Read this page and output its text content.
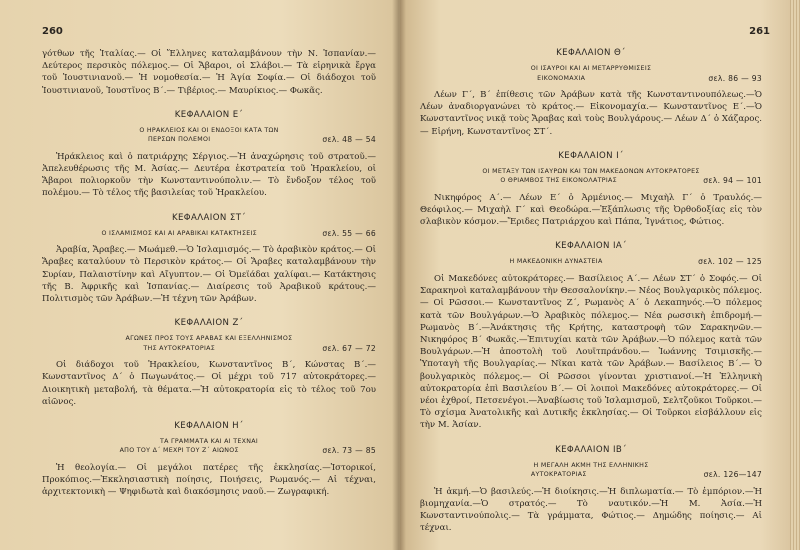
260

γότθων τῆς Ἰταλίας.— Οἱ Ἕλληνες καταλαμβάνουν τὴν Ν. Ἱσπανίαν.— Δεύτερος περσικὸς πόλεμος.— Οἱ Ἄβαροι, οἱ Σλάβοι.— Τὰ εἰρηνικὰ ἔργα τοῦ Ἰουστινιανοῦ.— Ἡ νομοθεσία.— Ἡ Ἁγία Σοφία.— Οἱ διάδοχοι τοῦ Ἰουστινιανοῦ, Ἰουστῖνος Β΄.— Τιβέριος.— Μαυρίκιος.— Φωκᾶς.

ΚΕΦΑΛΑΙΟΝ Ε΄
Ο ΗΡΑΚΛΕΙΟΣ ΚΑΙ ΟΙ ΕΝΔΟΞΟΙ ΚΑΤΑ ΤΩΝ
ΠΕΡΣΩΝ ΠΟΛΕΜΟΙ	σελ. 48 — 54

Ἡράκλειος καὶ ὁ πατριάρχης Σέργιος.—Ἡ ἀναχώρησις τοῦ στρατοῦ.—Ἀπελευθέρωσις τῆς Μ. Ἀσίας.— Δευτέρα ἐκστρατεία τοῦ Ἡρακλείου, οἱ Ἄβαροι πολιορκοῦν τὴν Κωνσταντινούπολιν.— Τὸ ἔνδοξον τέλος τοῦ πολέμου.— Τὸ τέλος τῆς βασιλείας τοῦ Ἡρακλείου.

ΚΕΦΑΛΑΙΟΝ ΣΤ΄
Ο ΙΣΛΑΜΙΣΜΟΣ ΚΑΙ ΑΙ ΑΡΑΒΙΚΑΙ ΚΑΤΑΚΤΗΣΕΙΣ	σελ. 55 — 66

Ἀραβία, Ἄραβες.— Μωάμεθ.—Ὁ Ἰσλαμισμός.— Τὸ ἀραβικὸν κράτος.— Οἱ Ἄραβες καταλύουν τὸ Περσικὸν κράτος.— Οἱ Ἄραβες καταλαμβάνουν τὴν Συρίαν, Παλαιστίνην καὶ Αἴγυπτον.— Οἱ Ὀμεϊάδαι χαλίφαι.— Κατάκτησις τῆς Β. Ἀφρικῆς καὶ Ἱσπανίας.— Διαίρεσις τοῦ Ἀραβικοῦ κράτους.— Πολιτισμὸς τῶν Ἀράβων.—Ἡ τέχνη τῶν Ἀράβων.

ΚΕΦΑΛΑΙΟΝ Ζ΄
ΑΓΩΝΕΣ ΠΡΟΣ ΤΟΥΣ ΑΡΑΒΑΣ ΚΑΙ ΕΞΕΛΛΗΝΙΣΜΟΣ
ΤΗΣ ΑΥΤΟΚΡΑΤΟΡΙΑΣ	σελ. 67 — 72

Οἱ διάδοχοι τοῦ Ἡρακλείου, Κωνσταντῖνος Β΄, Κώνστας Β΄.— Κωνσταντῖνος Δ΄ ὁ Πωγωνάτος.— Οἱ μέχρι τοῦ 717 αὐτοκράτορες.— Διοικητικὴ μεταβολή, τὰ θέματα.—Ἡ αὐτοκρατορία εἰς τὸ τέλος τοῦ 7ου αἰῶνος.

ΚΕΦΑΛΑΙΟΝ Η΄
ΤΑ ΓΡΑΜΜΑΤΑ ΚΑΙ ΑΙ ΤΕΧΝΑΙ
ΑΠΟ ΤΟΥ Δ΄ ΜΕΧΡΙ ΤΟΥ Ζ΄ ΑΙΩΝΟΣ	σελ. 73 — 85

Ἡ θεολογία.— Οἱ μεγάλοι πατέρες τῆς ἐκκλησίας.—Ἱστορικοί, Προκόπιος.—Ἐκκλησιαστικὴ ποίησις, Ποιήσεις, Ρωμανός.— Αἱ τέχναι, ἀρχιτεκτονικὴ — Ψηφιδωτὰ καὶ διακόσμησις ναοῦ.— Ζωγραφική.

261
ΚΕΦΑΛΑΙΟΝ Θ΄
ΟΙ ΙΣΑΥΡΟΙ ΚΑΙ ΑΙ ΜΕΤΑΡΡΥΘΜΙΣΕΙΣ
ΕΙΚΟΝΟΜΑΧΙΑ	σελ. 86 — 93

Λέων Γ΄, Β΄ ἐπίθεσις τῶν Ἀράβων κατὰ τῆς Κωνσταντινουπόλεως.—Ὁ Λέων ἀναδιοργανώνει τὸ κράτος.— Εἰκονομαχία.— Κωνσταντῖνος Ε΄.—Ὁ Κωνσταντῖνος νικᾷ τοὺς Ἄραβας καὶ τοὺς Βουλγάρους.— Λέων Δ΄ ὁ Χάζαρος.— Εἰρήνη, Κωνσταντῖνος ΣΤ΄.

ΚΕΦΑΛΑΙΟΝ Ι΄
ΟΙ ΜΕΤΑΞΥ ΤΩΝ ΙΣΑΥΡΩΝ ΚΑΙ ΤΩΝ ΜΑΚΕΔΟΝΩΝ ΑΥΤΟΚΡΑΤΟΡΕΣ
Ο ΘΡΙΑΜΒΟΣ ΤΗΣ ΕΙΚΟΝΟΛΑΤΡΙΑΣ	σελ. 94 — 101

Νικηφόρος Α΄.— Λέων Ε΄ ὁ Ἀρμένιος.— Μιχαὴλ Γ΄ ὁ Τραυλός.— Θεόφιλος.— Μιχαὴλ Γ΄ καὶ Θεοδώρα.—Ἐξάπλωσις τῆς Ὀρθοδοξίας εἰς τὸν σλαβικὸν κόσμον.—Ἔριδες Πατριάρχου καὶ Πάπα, Ἰγνάτιος, Φώτιος.

ΚΕΦΑΛΑΙΟΝ ΙΑ΄
Η ΜΑΚΕΔΟΝΙΚΗ ΔΥΝΑΣΤΕΙΑ	σελ. 102 — 125

Οἱ Μακεδόνες αὐτοκράτορες.— Βασίλειος Α΄.— Λέων ΣΤ΄ ὁ Σοφός.— Οἱ Σαρακηνοὶ καταλαμβάνουν τὴν Θεσσαλονίκην.— Νέος Βουλγαρικὸς πόλεμος.— Οἱ Ρῶσσοι.— Κωνσταντῖνος Ζ΄, Ρωμανὸς Α΄ ὁ Λεκαπηνός.—Ὁ πόλεμος κατὰ τῶν Βουλγάρων.—Ὁ Ἀραβικὸς πόλεμος.— Νέα ρωσσικὴ ἐπιδρομή.— Ρωμανὸς Β΄.—Ἀνάκτησις τῆς Κρήτης, καταστροφὴ τῶν Σαρακηνῶν.— Νικηφόρος Β΄ Φωκᾶς.—Ἐπιτυχίαι κατὰ τῶν Ἀράβων.—Ὁ πόλεμος κατὰ τῶν Βουλγάρων.—Ἡ ἀποστολὴ τοῦ Λουϊτπράνδου.— Ἰωάννης Τσιμισκῆς.— Ὑποταγὴ τῆς Βουλγαρίας.— Νῖκαι κατὰ τῶν Ἀράβων.— Βασίλειος Β΄.— Ὁ βουλγαρικὸς πόλεμος.— Οἱ Ρῶσσοι γίνονται χριστιανοί.—Ἡ Ἑλληνικὴ αὐτοκρατορία ἐπὶ Βασιλείου Β΄.— Οἱ λοιποὶ Μακεδόνες αὐτοκράτορες.— Οἱ νέοι ἐχθροί, Πετσενέγοι.—Ἀναβίωσις τοῦ Ἰσλαμισμοῦ, Σελτζοῦκοι Τοῦρκοι.— Τὸ σχίσμα Ἀνατολικῆς καὶ Δυτικῆς ἐκκλησίας.— Οἱ Τοῦρκοι εἰσβάλλουν εἰς τὴν Μ. Ἀσίαν.

ΚΕΦΑΛΑΙΟΝ ΙΒ΄
Η ΜΕΓΑΛΗ ΑΚΜΗ ΤΗΣ ΕΛΛΗΝΙΚΗΣ
ΑΥΤΟΚΡΑΤΟΡΙΑΣ	σελ. 126—147

Ἡ ἀκμή.—Ὁ βασιλεύς.—Ἡ διοίκησις.—Ἡ διπλωματία.— Τὸ ἐμπόριον.—Ἡ βιομηχανία.—Ὁ στρατός.— Τὸ ναυτικόν.—Ἡ Μ. Ἀσία.—Ἡ Κωνσταντινούπολις.— Τὰ γράμματα, Φώτιος.— Δημώδης ποίησις.— Αἱ τέχναι.
